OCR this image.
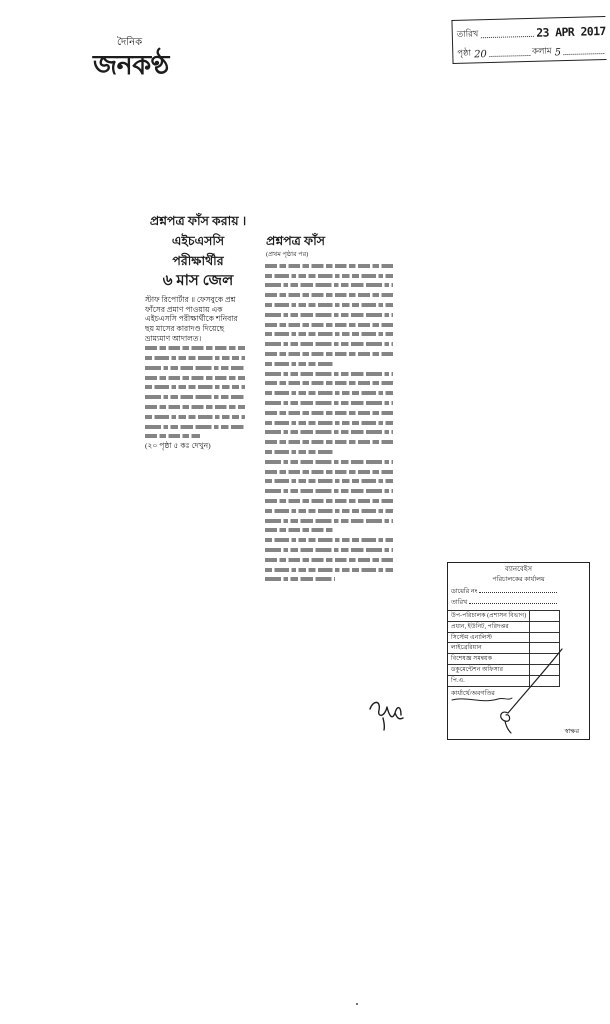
দৈনিক
জনকণ্ঠ
তারিখ	23 APR 2017
পৃষ্ঠা 20	কলাম 5
প্রশ্নপত্র ফাঁস করায় ।
এইচএসসি
পরীক্ষার্থীর
৬ মাস জেল
স্টাফ রিপোর্টার ॥ ফেসবুকে প্রশ্ন
ফাঁসের প্রমাণ পাওয়ায় এক
এইচএসসি পরীক্ষার্থীকে শনিবার
ছয় মাসের কারাদণ্ড দিয়েছে
ভ্রাম্যমাণ আদালত।
(২০ পৃষ্ঠা ৫ কঃ দেখুন)
প্রশ্নপত্র ফাঁস
(প্রথম পৃষ্ঠার পর)
ব্যানবেইস
পরিচালকের কার্যালয়
ডায়েরি নং
তারিখ
উপ-পরিচালক (প্রশাসন বিভাগ)
প্রধান, ইউনিট, পরিদপ্তর
সিস্টেম এনালিস্ট
লাইব্রেরিয়ান
বিশেষজ্ঞ সমন্বয়ক
ডকুমেন্টেশন অফিসার
পি.এ.
কার্যার্থে/অবগতির
স্বাক্ষর
